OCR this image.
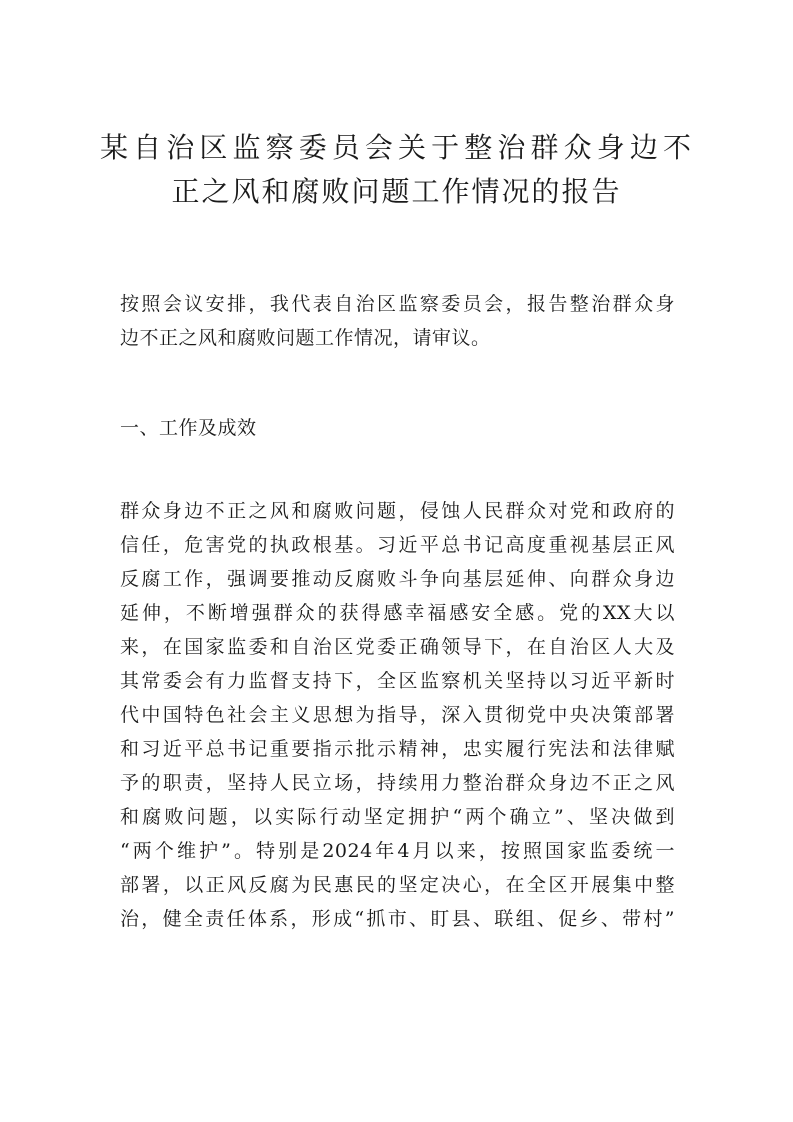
某自治区监察委员会关于整治群众身边不
正之风和腐败问题工作情况的报告

按照会议安排，我代表自治区监察委员会，报告整治群众身
边不正之风和腐败问题工作情况，请审议。

一、工作及成效

群众身边不正之风和腐败问题，侵蚀人民群众对党和政府的
信任，危害党的执政根基。习近平总书记高度重视基层正风
反腐工作，强调要推动反腐败斗争向基层延伸、向群众身边
延伸，不断增强群众的获得感幸福感安全感。党的XX大以
来，在国家监委和自治区党委正确领导下，在自治区人大及
其常委会有力监督支持下，全区监察机关坚持以习近平新时
代中国特色社会主义思想为指导，深入贯彻党中央决策部署
和习近平总书记重要指示批示精神，忠实履行宪法和法律赋
予的职责，坚持人民立场，持续用力整治群众身边不正之风
和腐败问题，以实际行动坚定拥护“两个确立”、坚决做到
“两个维护”。特别是2024年4月以来，按照国家监委统一
部署，以正风反腐为民惠民的坚定决心，在全区开展集中整
治，健全责任体系，形成“抓市、盯县、联组、促乡、带村”
